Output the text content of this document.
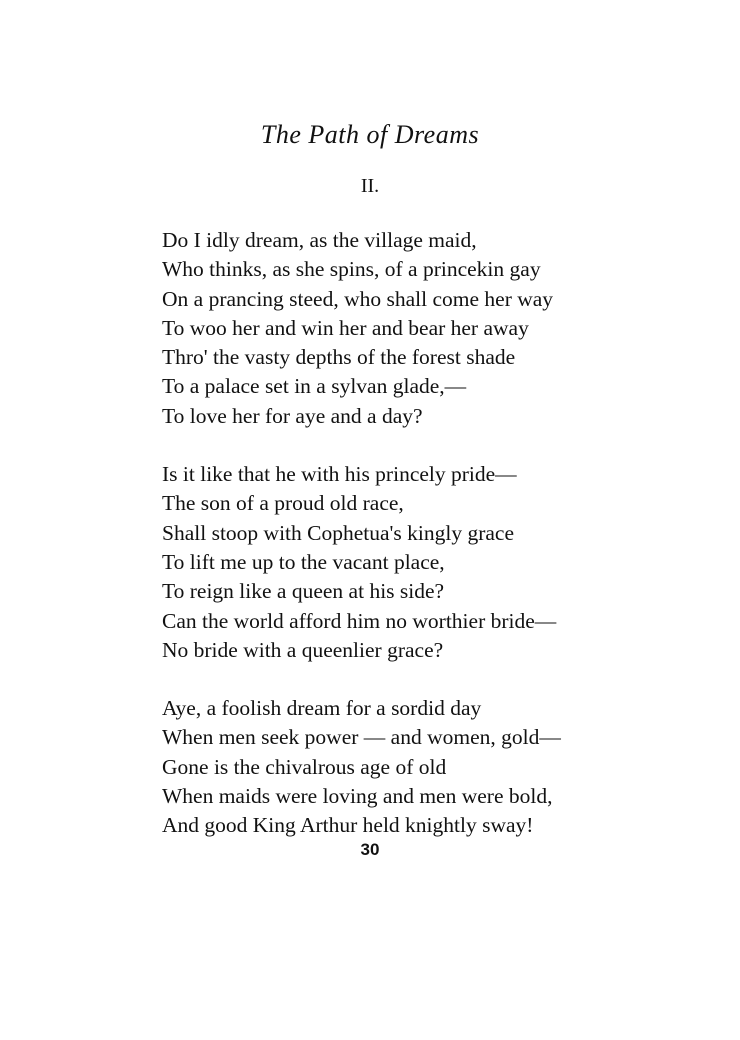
The Path of Dreams
II.
Do I idly dream, as the village maid,
Who thinks, as she spins, of a princekin gay
On a prancing steed, who shall come her way
To woo her and win her and bear her away
Thro' the vasty depths of the forest shade
To a palace set in a sylvan glade,—
To love her for aye and a day?
Is it like that he with his princely pride—
The son of a proud old race,
Shall stoop with Cophetua's kingly grace
To lift me up to the vacant place,
To reign like a queen at his side?
Can the world afford him no worthier bride—
No bride with a queenlier grace?
Aye, a foolish dream for a sordid day
When men seek power — and women, gold—
Gone is the chivalrous age of old
When maids were loving and men were bold,
And good King Arthur held knightly sway!
30
